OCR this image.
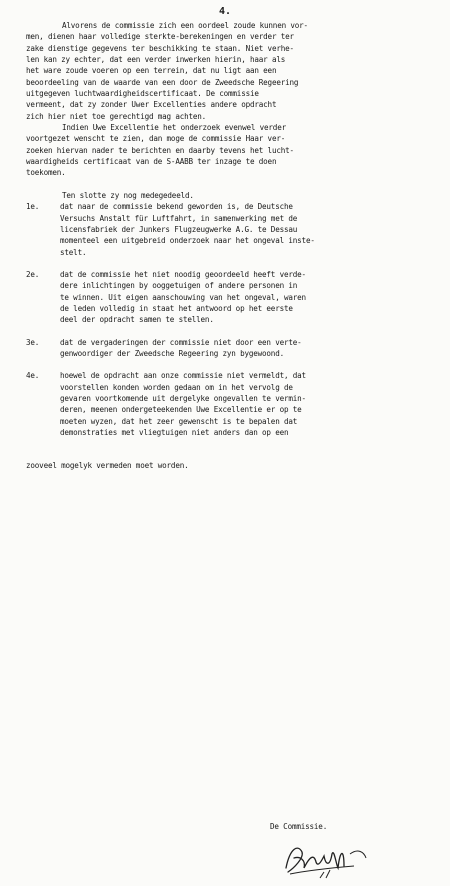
4.
Alvorens de commissie zich een oordeel zoude kunnen vor-
men, dienen haar volledige sterkte-berekeningen en verder ter
zake dienstige gegevens ter beschikking te staan. Niet verhe-
len kan zy echter, dat een verder inwerken hierin, haar als
het ware zoude voeren op een terrein, dat nu ligt aan een
beoordeeling van de waarde van een door de Zweedsche Regeering
uitgegeven luchtwaardigheidscertificaat. De commissie
vermeent, dat zy zonder Uwer Excellenties andere opdracht
zich hier niet toe gerechtigd mag achten.
Indien Uwe Excellentie het onderzoek evenwel verder
voortgezet wenscht te zien, dan moge de commissie Haar ver-
zoeken hiervan nader te berichten en daarby tevens het lucht-
waardigheids certificaat van de S-AABB ter inzage te doen
toekomen.
Ten slotte zy nog medegedeeld.
1e.	dat naar de commissie bekend geworden is, de Deutsche
Versuchs Anstalt für Luftfahrt, in samenwerking met de
licensfabriek der Junkers Flugzeugwerke A.G. te Dessau
momenteel een uitgebreid onderzoek naar het ongeval inste-
stelt.
2e.	dat de commissie het niet noodig geoordeeld heeft verde-
dere inlichtingen by ooggetuigen of andere personen in
te winnen. Uit eigen aanschouwing van het ongeval, waren
de leden volledig in staat het antwoord op het eerste
deel der opdracht samen te stellen.
3e.	dat de vergaderingen der commissie niet door een verte-
genwoordiger der Zweedsche Regeering zyn bygewoond.
4e.	hoewel de opdracht aan onze commissie niet vermeldt, dat
voorstellen konden worden gedaan om in het vervolg de
gevaren voortkomende uit dergelyke ongevallen te vermin-
deren, meenen ondergeteekenden Uwe Excellentie er op te
moeten wyzen, dat het zeer gewenscht is te bepalen dat
demonstraties met vliegtuigen niet anders dan op een
zooveel mogelyk vermeden moet worden.
De Commissie.
